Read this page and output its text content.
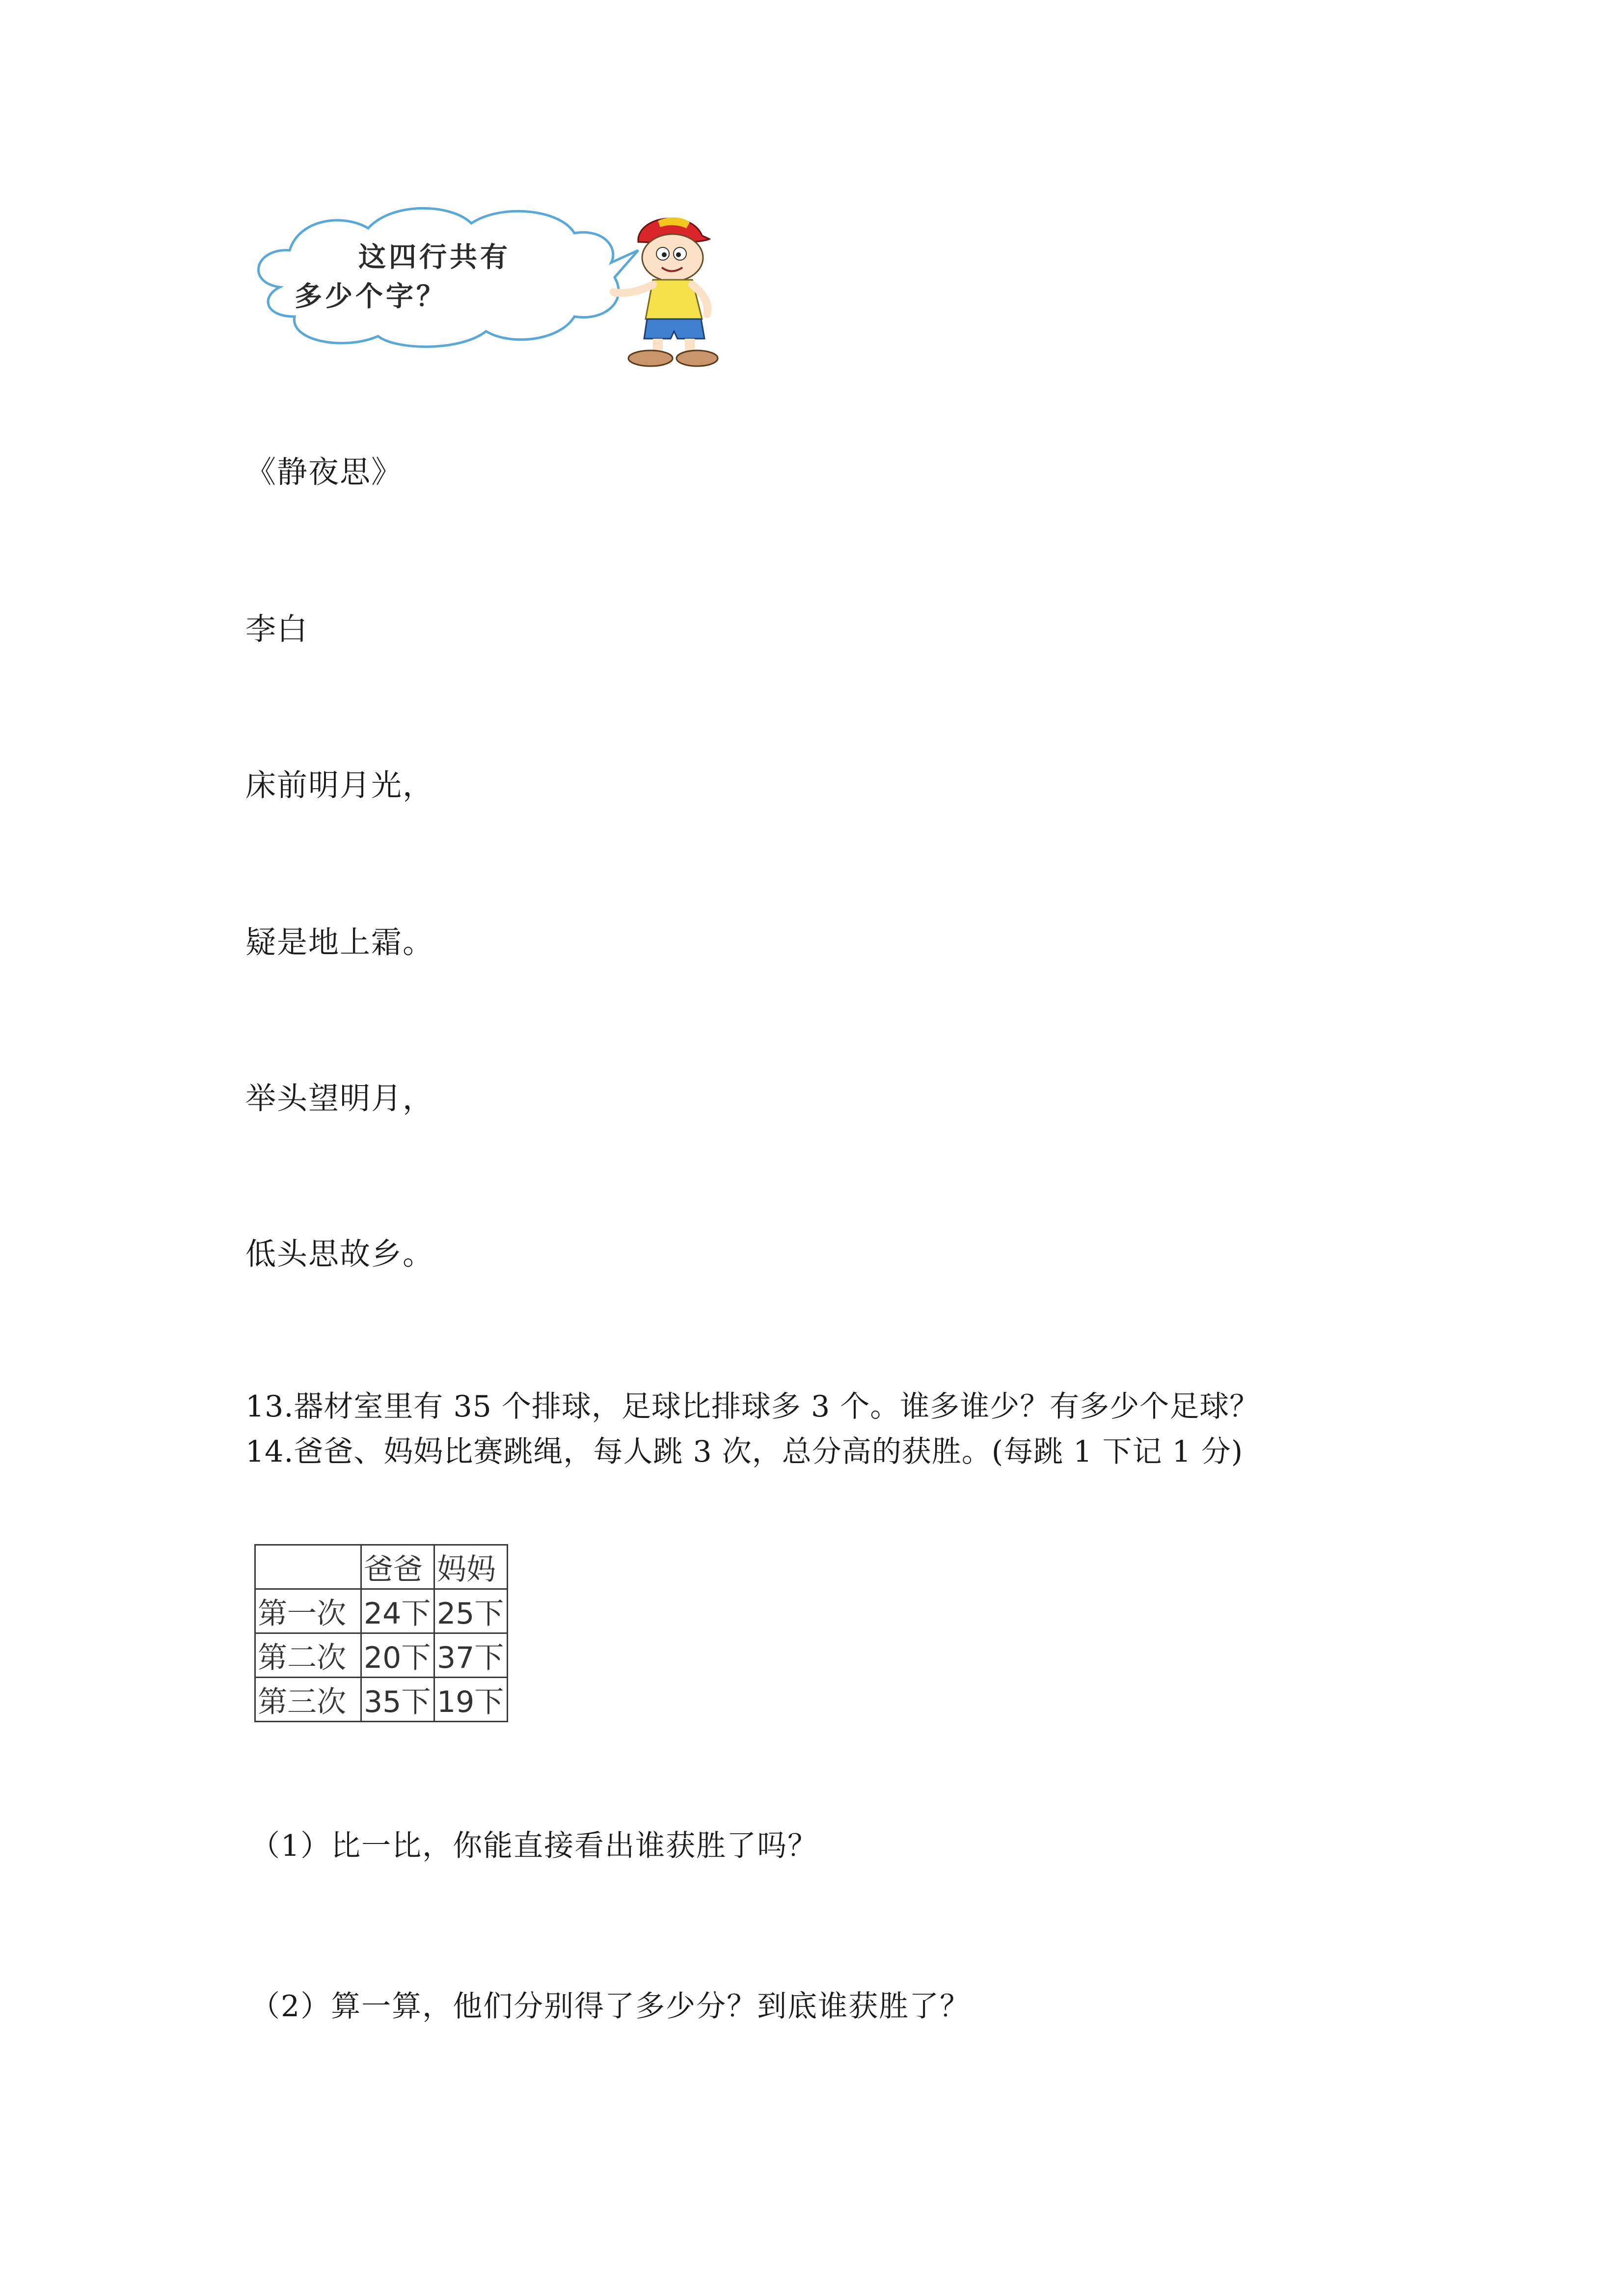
这四行共有
多少个字？
《静夜思》
李白
床前明月光，
疑是地上霜。
举头望明月，
低头思故乡。
13.器材室里有 35 个排球，足球比排球多 3 个。谁多谁少？有多少个足球？
14.爸爸、妈妈比赛跳绳，每人跳 3 次，总分高的获胜。(每跳 1 下记 1 分)
	爸爸	妈妈
第一次	24下	25下
第二次	20下	37下
第三次	35下	19下
（1）比一比，你能直接看出谁获胜了吗？
（2）算一算，他们分别得了多少分？到底谁获胜了？
